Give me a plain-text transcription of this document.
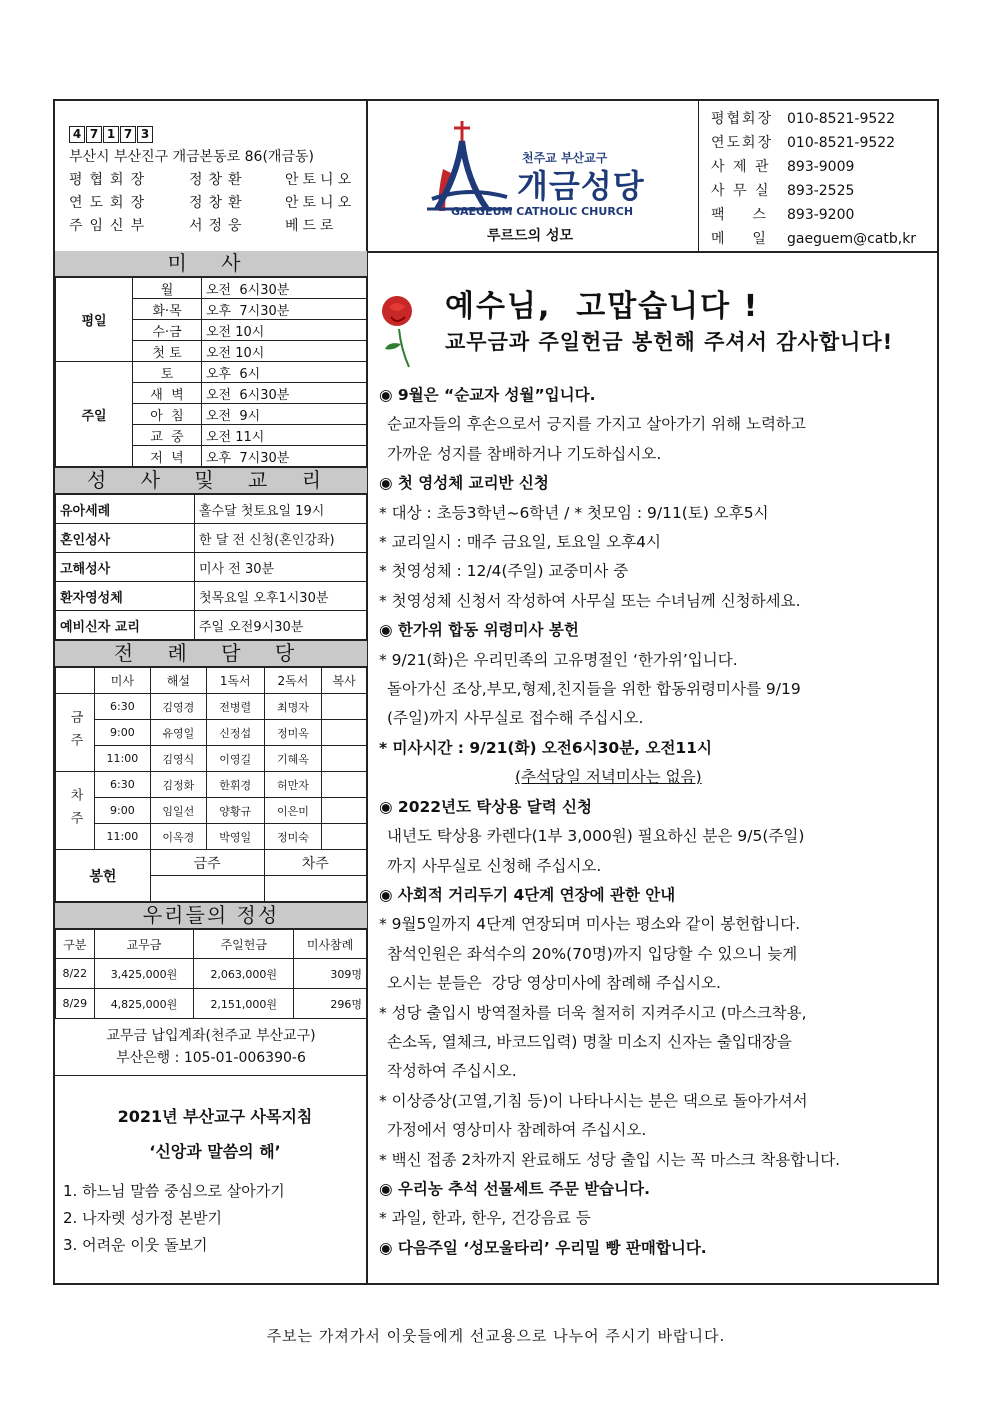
4 7 1 7 3
부산시 부산진구 개금본동로 86(개금동)
평협회장	정창환	안토니오
연도회장	정창환	안토니오
주임신부	서정웅	베드로
천주교 부산교구
개금성당
GAEGEUM CATHOLIC CHURCH
루르드의 성모
평협회장 010-8521-9522
연도회장 010-8521-9522
사 제 관	893-9009
사 무 실	893-2525
팩    스	893-9200
메    일	gaeguem@catb,kr
미 사
평일	월	오전  6시30분
	화·목	오후  7시30분
	수·금	오전 10시
	첫 토	오전 10시
주일	토	오후  6시
	새  벽	오전  6시30분
	아  침	오전  9시
	교  중	오전 11시
	저  녁	오후  7시30분
성 사 및 교 리
유아세례	홀수달 첫토요일 19시
혼인성사	한 달 전 신청(혼인강좌)
고해성사	미사 전 30분
환자영성체	첫목요일 오후1시30분
예비신자 교리	주일 오전9시30분
전 례 담 당
	미사	해설	1독서	2독서	복사
금주	6:30	김영경	전병렬	최명자	
	9:00	유영일	신정섭	정미옥	
	11:00	김영식	이영길	기혜옥	
차주	6:30	김정화	한휘경	허만자	
	9:00	임일선	양황규	이은미	
	11:00	이옥경	박영일	정미숙	
봉헌		금주		차주	

우리들의 정성
구분	교무금	주일헌금	미사참례
8/22	3,425,000원	2,063,000원	309명
8/29	4,825,000원	2,151,000원	296명
교무금 납입계좌(천주교 부산교구)
부산은행 : 105-01-006390-6
2021년 부산교구 사목지침
‘신앙과 말씀의 해’
1. 하느님 말씀 중심으로 살아가기
2. 나자렛 성가정 본받기
3. 어려운 이웃 돌보기
예수님,  고맙습니다 !
교무금과 주일헌금 봉헌해 주셔서 감사합니다!
◉ 9월은 “순교자 성월”입니다.
순교자들의 후손으로서 긍지를 가지고 살아가기 위해 노력하고
가까운 성지를 참배하거나 기도하십시오.
◉ 첫 영성체 교리반 신청
* 대상 : 초등3학년~6학년 / * 첫모임 : 9/11(토) 오후5시
* 교리일시 : 매주 금요일, 토요일 오후4시
* 첫영성체 : 12/4(주일) 교중미사 중
* 첫영성체 신청서 작성하여 사무실 또는 수녀님께 신청하세요.
◉ 한가위 합동 위령미사 봉헌
* 9/21(화)은 우리민족의 고유명절인 ‘한가위’입니다.
돌아가신 조상,부모,형제,친지들을 위한 합동위령미사를 9/19
(주일)까지 사무실로 접수해 주십시오.
* 미사시간 : 9/21(화) 오전6시30분, 오전11시
(추석당일 저녁미사는 없음)
◉ 2022년도 탁상용 달력 신청
내년도 탁상용 카렌다(1부 3,000원) 필요하신 분은 9/5(주일)
까지 사무실로 신청해 주십시오.
◉ 사회적 거리두기 4단계 연장에 관한 안내
* 9월5일까지 4단계 연장되며 미사는 평소와 같이 봉헌합니다.
참석인원은 좌석수의 20%(70명)까지 입당할 수 있으니 늦게
오시는 분들은  강당 영상미사에 참례해 주십시오.
* 성당 출입시 방역절차를 더욱 철저히 지켜주시고 (마스크착용,
손소독, 열체크, 바코드입력) 명찰 미소지 신자는 출입대장을
작성하여 주십시오.
* 이상증상(고열,기침 등)이 나타나시는 분은 댁으로 돌아가셔서
가정에서 영상미사 참례하여 주십시오.
* 백신 접종 2차까지 완료해도 성당 출입 시는 꼭 마스크 착용합니다.
◉ 우리농 추석 선물세트 주문 받습니다.
* 과일, 한과, 한우, 건강음료 등
◉ 다음주일 ‘성모울타리’ 우리밀 빵 판매합니다.
주보는 가져가서 이웃들에게 선교용으로 나누어 주시기 바랍니다.
